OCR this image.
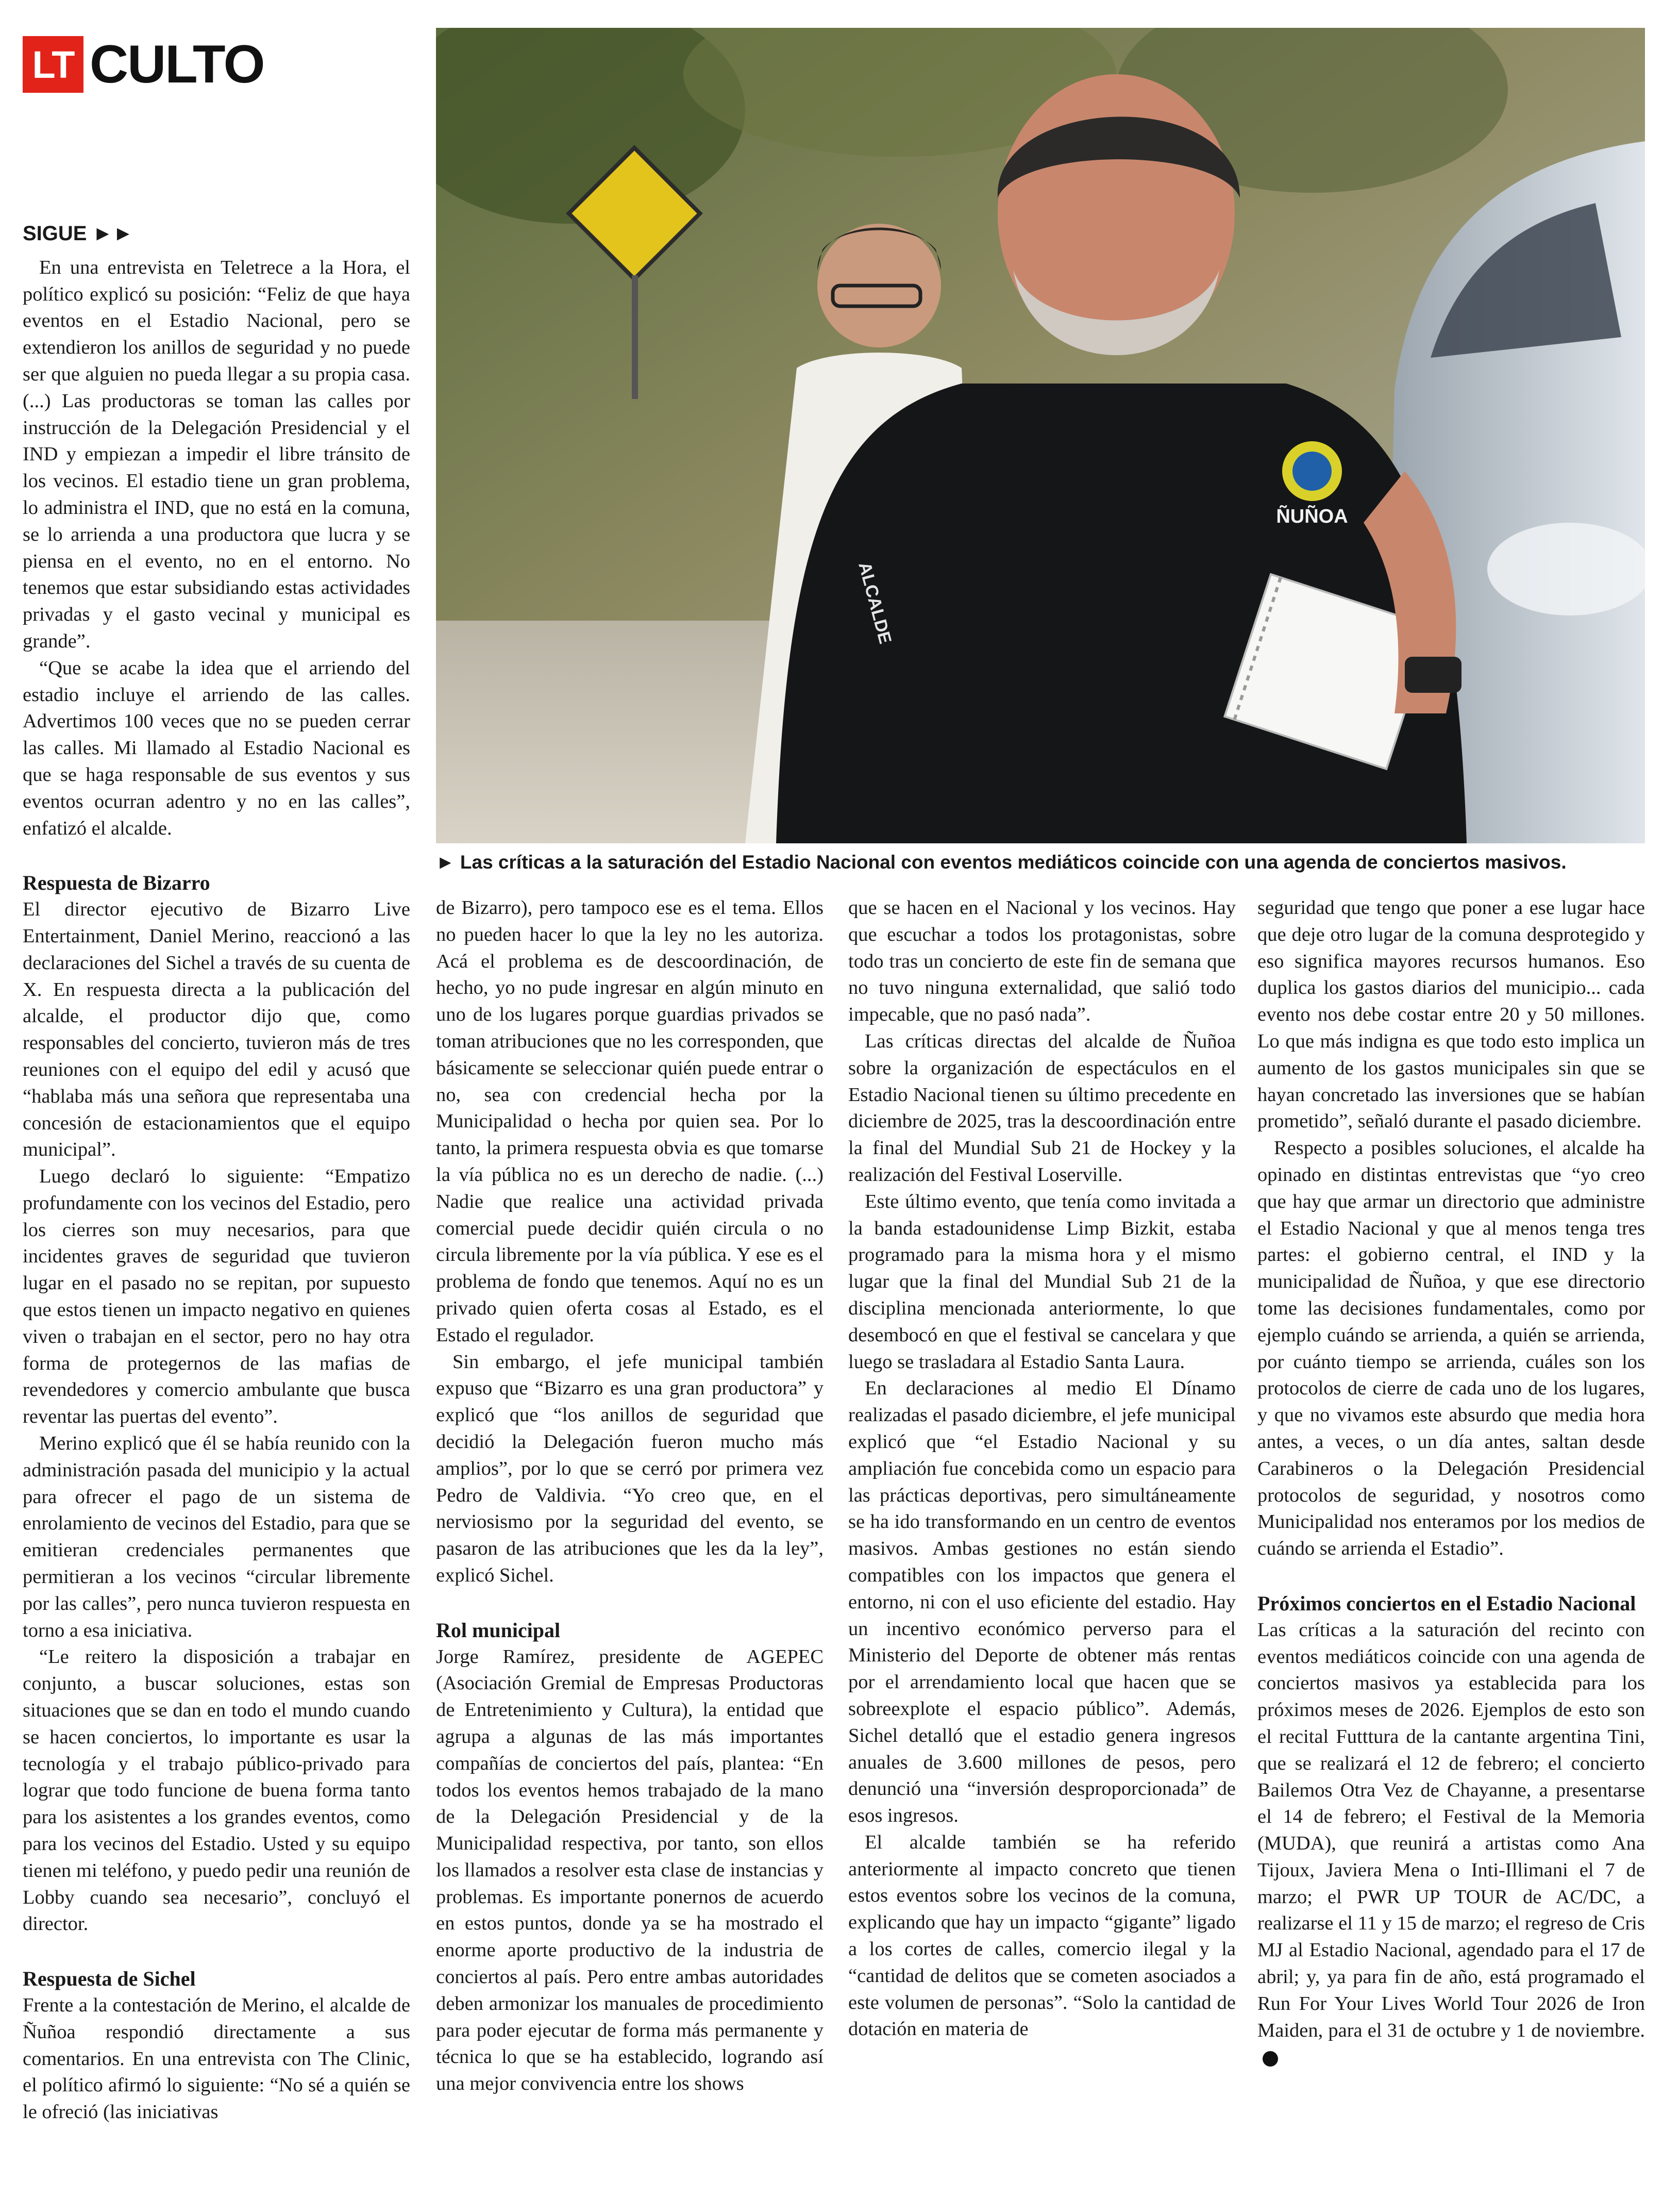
LT CULTO
ÑUÑOA
ALCALDE
► Las críticas a la saturación del Estadio Nacional con eventos mediáticos coincide con una agenda de conciertos masivos.
SIGUE ►►

En una entrevista en Teletrece a la Hora, el político explicó su posición: “Feliz de que haya eventos en el Estadio Nacional, pero se extendieron los anillos de seguridad y no puede ser que alguien no pueda llegar a su propia casa. (...) Las productoras se toman las calles por instrucción de la Delegación Presidencial y el IND y empiezan a impedir el libre tránsito de los vecinos. El estadio tiene un gran problema, lo administra el IND, que no está en la comuna, se lo arrienda a una productora que lucra y se piensa en el evento, no en el entorno. No tenemos que estar subsidiando estas actividades privadas y el gasto vecinal y municipal es grande”.

“Que se acabe la idea que el arriendo del estadio incluye el arriendo de las calles. Advertimos 100 veces que no se pueden cerrar las calles. Mi llamado al Estadio Nacional es que se haga responsable de sus eventos y sus eventos ocurran adentro y no en las calles”, enfatizó el alcalde.

Respuesta de Bizarro

El director ejecutivo de Bizarro Live Entertainment, Daniel Merino, reaccionó a las declaraciones del Sichel a través de su cuenta de X. En respuesta directa a la publicación del alcalde, el productor dijo que, como responsables del concierto, tuvieron más de tres reuniones con el equipo del edil y acusó que “hablaba más una señora que representaba una concesión de estacionamientos que el equipo municipal”.

Luego declaró lo siguiente: “Empatizo profundamente con los vecinos del Estadio, pero los cierres son muy necesarios, para que incidentes graves de seguridad que tuvieron lugar en el pasado no se repitan, por supuesto que estos tienen un impacto negativo en quienes viven o trabajan en el sector, pero no hay otra forma de protegernos de las mafias de revendedores y comercio ambulante que busca reventar las puertas del evento”.

Merino explicó que él se había reunido con la administración pasada del municipio y la actual para ofrecer el pago de un sistema de enrolamiento de vecinos del Estadio, para que se emitieran credenciales permanentes que permitieran a los vecinos “circular libremente por las calles”, pero nunca tuvieron respuesta en torno a esa iniciativa.

“Le reitero la disposición a trabajar en conjunto, a buscar soluciones, estas son situaciones que se dan en todo el mundo cuando se hacen conciertos, lo importante es usar la tecnología y el trabajo público-privado para lograr que todo funcione de buena forma tanto para los asistentes a los grandes eventos, como para los vecinos del Estadio. Usted y su equipo tienen mi teléfono, y puedo pedir una reunión de Lobby cuando sea necesario”, concluyó el director.

Respuesta de Sichel

Frente a la contestación de Merino, el alcalde de Ñuñoa respondió directamente a sus comentarios. En una entrevista con The Clinic, el político afirmó lo siguiente: “No sé a quién se le ofreció (las iniciativas

de Bizarro), pero tampoco ese es el tema. Ellos no pueden hacer lo que la ley no les autoriza. Acá el problema es de descoordinación, de hecho, yo no pude ingresar en algún minuto en uno de los lugares porque guardias privados se toman atribuciones que no les corresponden, que básicamente se seleccionar quién puede entrar o no, sea con credencial hecha por la Municipalidad o hecha por quien sea. Por lo tanto, la primera respuesta obvia es que tomarse la vía pública no es un derecho de nadie. (...) Nadie que realice una actividad privada comercial puede decidir quién circula o no circula libremente por la vía pública. Y ese es el problema de fondo que tenemos. Aquí no es un privado quien oferta cosas al Estado, es el Estado el regulador.

Sin embargo, el jefe municipal también expuso que “Bizarro es una gran productora” y explicó que “los anillos de seguridad que decidió la Delegación fueron mucho más amplios”, por lo que se cerró por primera vez Pedro de Valdivia. “Yo creo que, en el nerviosismo por la seguridad del evento, se pasaron de las atribuciones que les da la ley”, explicó Sichel.

Rol municipal

Jorge Ramírez, presidente de AGEPEC (Asociación Gremial de Empresas Productoras de Entretenimiento y Cultura), la entidad que agrupa a algunas de las más importantes compañías de conciertos del país, plantea: “En todos los eventos hemos trabajado de la mano de la Delegación Presidencial y de la Municipalidad respectiva, por tanto, son ellos los llamados a resolver esta clase de instancias y problemas. Es importante ponernos de acuerdo en estos puntos, donde ya se ha mostrado el enorme aporte productivo de la industria de conciertos al país. Pero entre ambas autoridades deben armonizar los manuales de procedimiento para poder ejecutar de forma más permanente y técnica lo que se ha establecido, logrando así una mejor convivencia entre los shows

que se hacen en el Nacional y los vecinos. Hay que escuchar a todos los protagonistas, sobre todo tras un concierto de este fin de semana que no tuvo ninguna externalidad, que salió todo impecable, que no pasó nada”.

Las críticas directas del alcalde de Ñuñoa sobre la organización de espectáculos en el Estadio Nacional tienen su último precedente en diciembre de 2025, tras la descoordinación entre la final del Mundial Sub 21 de Hockey y la realización del Festival Loserville.

Este último evento, que tenía como invitada a la banda estadounidense Limp Bizkit, estaba programado para la misma hora y el mismo lugar que la final del Mundial Sub 21 de la disciplina mencionada anteriormente, lo que desembocó en que el festival se cancelara y que luego se trasladara al Estadio Santa Laura.

En declaraciones al medio El Dínamo realizadas el pasado diciembre, el jefe municipal explicó que “el Estadio Nacional y su ampliación fue concebida como un espacio para las prácticas deportivas, pero simultáneamente se ha ido transformando en un centro de eventos masivos. Ambas gestiones no están siendo compatibles con los impactos que genera el entorno, ni con el uso eficiente del estadio. Hay un incentivo económico perverso para el Ministerio del Deporte de obtener más rentas por el arrendamiento local que hacen que se sobreexplote el espacio público”. Además, Sichel detalló que el estadio genera ingresos anuales de 3.600 millones de pesos, pero denunció una “inversión desproporcionada” de esos ingresos.

El alcalde también se ha referido anteriormente al impacto concreto que tienen estos eventos sobre los vecinos de la comuna, explicando que hay un impacto “gigante” ligado a los cortes de calles, comercio ilegal y la “cantidad de delitos que se cometen asociados a este volumen de personas”. “Solo la cantidad de dotación en materia de

seguridad que tengo que poner a ese lugar hace que deje otro lugar de la comuna desprotegido y eso significa mayores recursos humanos. Eso duplica los gastos diarios del municipio... cada evento nos debe costar entre 20 y 50 millones. Lo que más indigna es que todo esto implica un aumento de los gastos municipales sin que se hayan concretado las inversiones que se habían prometido”, señaló durante el pasado diciembre.

Respecto a posibles soluciones, el alcalde ha opinado en distintas entrevistas que “yo creo que hay que armar un directorio que administre el Estadio Nacional y que al menos tenga tres partes: el gobierno central, el IND y la municipalidad de Ñuñoa, y que ese directorio tome las decisiones fundamentales, como por ejemplo cuándo se arrienda, a quién se arrienda, por cuánto tiempo se arrienda, cuáles son los protocolos de cierre de cada uno de los lugares, y que no vivamos este absurdo que media hora antes, a veces, o un día antes, saltan desde Carabineros o la Delegación Presidencial protocolos de seguridad, y nosotros como Municipalidad nos enteramos por los medios de cuándo se arrienda el Estadio”.

Próximos conciertos en el Estadio Nacional

Las críticas a la saturación del recinto con eventos mediáticos coincide con una agenda de conciertos masivos ya establecida para los próximos meses de 2026. Ejemplos de esto son el recital Futttura de la cantante argentina Tini, que se realizará el 12 de febrero; el concierto Bailemos Otra Vez de Chayanne, a presentarse el 14 de febrero; el Festival de la Memoria (MUDA), que reunirá a artistas como Ana Tijoux, Javiera Mena o Inti-Illimani el 7 de marzo; el PWR UP TOUR de AC/DC, a realizarse el 11 y 15 de marzo; el regreso de Cris MJ al Estadio Nacional, agendado para el 17 de abril; y, ya para fin de año, está programado el Run For Your Lives World Tour 2026 de Iron Maiden, para el 31 de octubre y 1 de noviembre.
